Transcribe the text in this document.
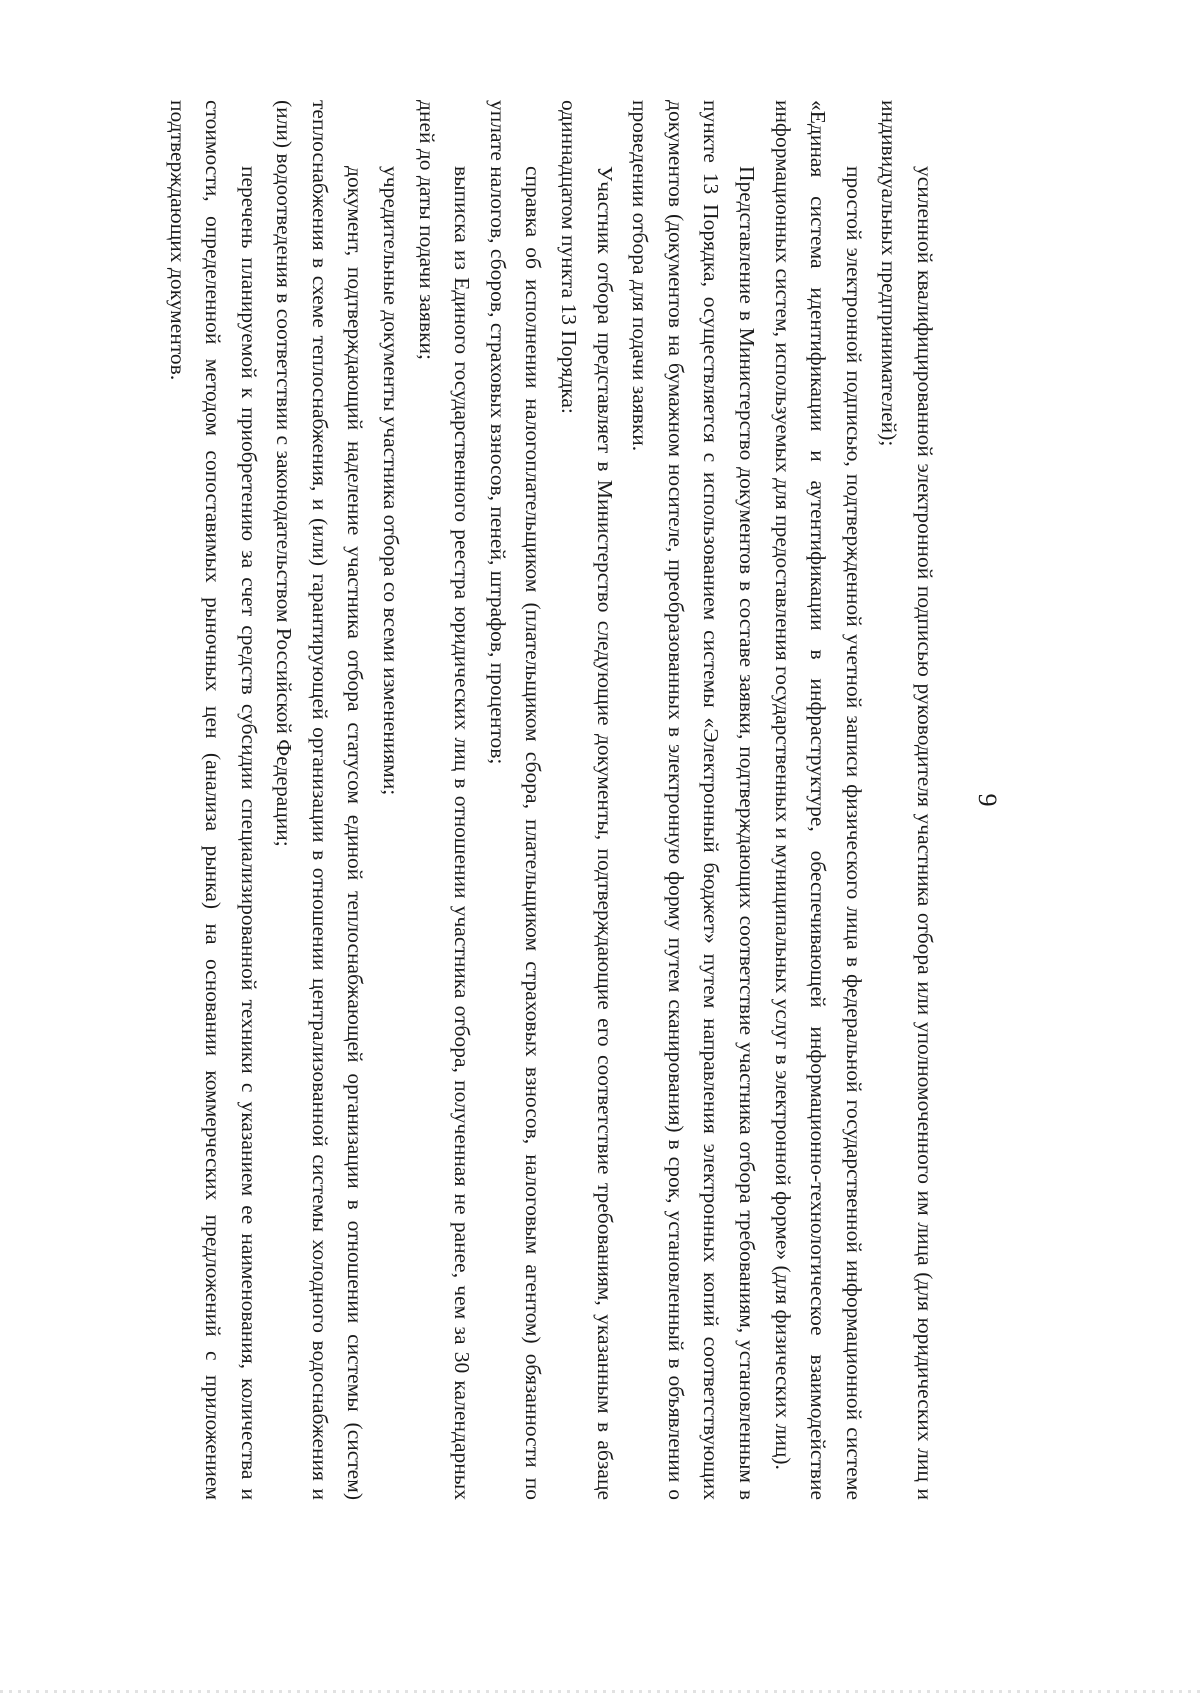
9

усиленной квалифицированной электронной подписью руководителя участника отбора или уполномоченного им лица (для юридических лиц и индивидуальных предпринимателей);

простой электронной подписью, подтвержденной учетной записи физического лица в федеральной государственной информационной системе «Единая система идентификации и аутентификации в инфраструктуре, обеспечивающей информационно-технологическое взаимодействие информационных систем, используемых для предоставления государственных и муниципальных услуг в электронной форме» (для физических лиц).

Представление в Министерство документов в составе заявки, подтверждающих соответствие участника отбора требованиям, установленным в пункте 13 Порядка, осуществляется с использованием системы «Электронный бюджет» путем направления электронных копий соответствующих документов (документов на бумажном носителе, преобразованных в электронную форму путем сканирования) в срок, установленный в объявлении о проведении отбора для подачи заявки.

Участник отбора представляет в Министерство следующие документы, подтверждающие его соответствие требованиям, указанным в абзаце одиннадцатом пункта 13 Порядка:

справка об исполнении налогоплательщиком (плательщиком сбора, плательщиком страховых взносов, налоговым агентом) обязанности по уплате налогов, сборов, страховых взносов, пеней, штрафов, процентов;

выписка из Единого государственного реестра юридических лиц в отношении участника отбора, полученная не ранее, чем за 30 календарных дней до даты подачи заявки;

учредительные документы участника отбора со всеми изменениями;

документ, подтверждающий наделение участника отбора статусом единой теплоснабжающей организации в отношении системы (систем) теплоснабжения в схеме теплоснабжения, и (или) гарантирующей организации в отношении централизованной системы холодного водоснабжения и (или) водоотведения в соответствии с законодательством Российской Федерации;

перечень планируемой к приобретению за счет средств субсидии специализированной техники с указанием ее наименования, количества и стоимости, определенной методом сопоставимых рыночных цен (анализа рынка) на основании коммерческих предложений с приложением подтверждающих документов.
